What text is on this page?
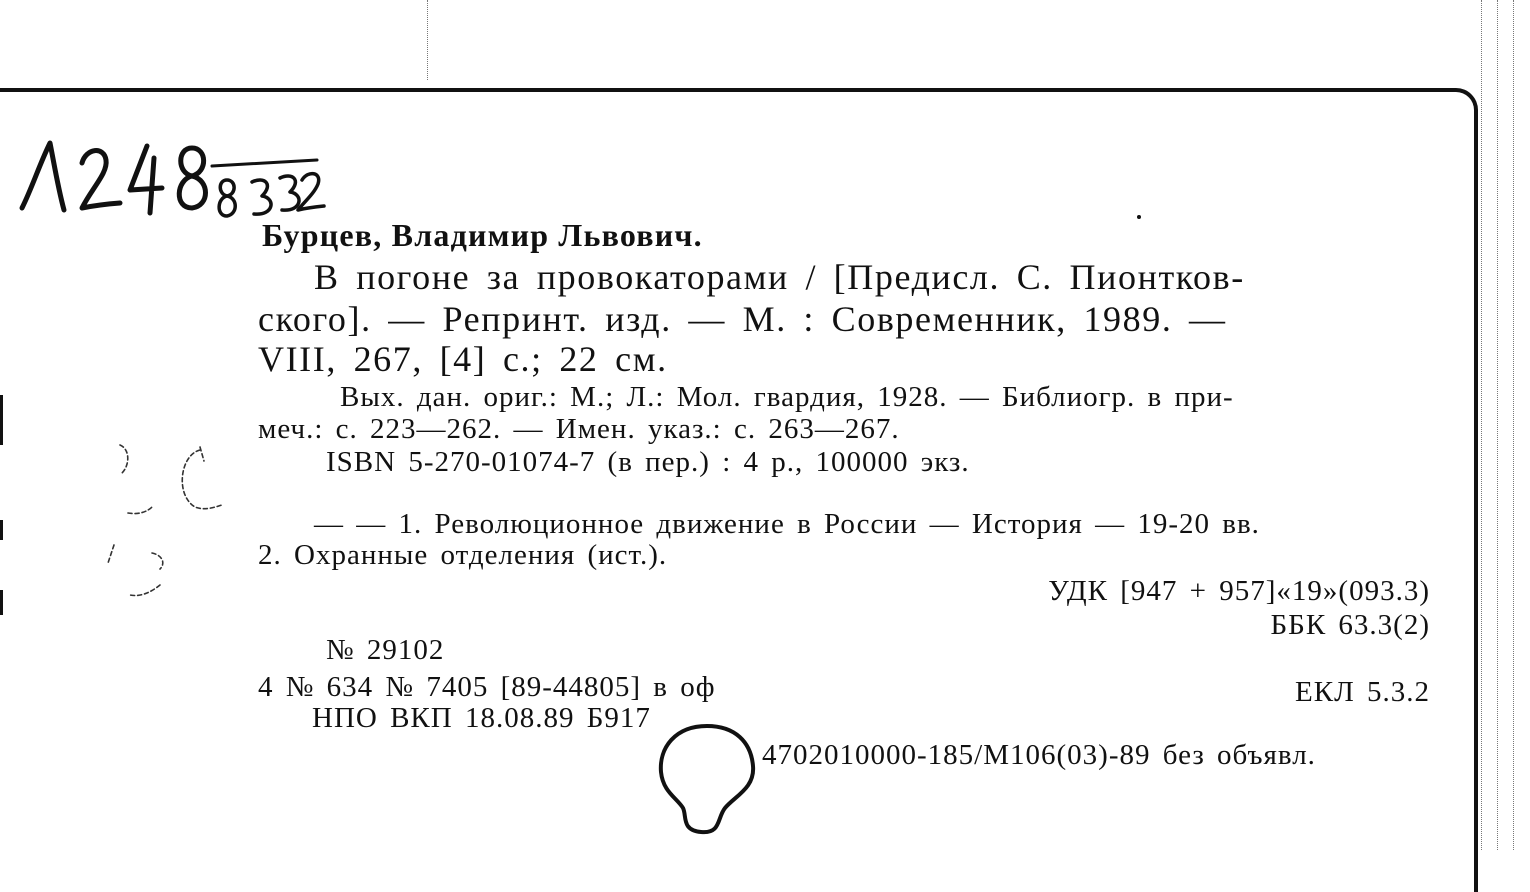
Бурцев, Владимир Львович.
В погоне за провокаторами / [Предисл. С. Пионтков-
ского]. — Репринт. изд. — М. : Современник, 1989. —
VIII, 267, [4] с.; 22 см.
Вых. дан. ориг.: М.; Л.: Мол. гвардия, 1928. — Библиогр. в при-
меч.: с. 223—262. — Имен. указ.: с. 263—267.
ISBN 5-270-01074-7 (в пер.) : 4 р., 100000 экз.
— — 1. Революционное движение в России — История — 19-20 вв.
2. Охранные отделения (ист.).
УДК [947 + 957]«19»(093.3)
ББК 63.3(2)
№ 29102
4 № 634 № 7405 [89-44805] в оф	ЕКЛ 5.3.2
НПО ВКП 18.08.89 Б917
4702010000-185/М106(03)-89 без объявл.
